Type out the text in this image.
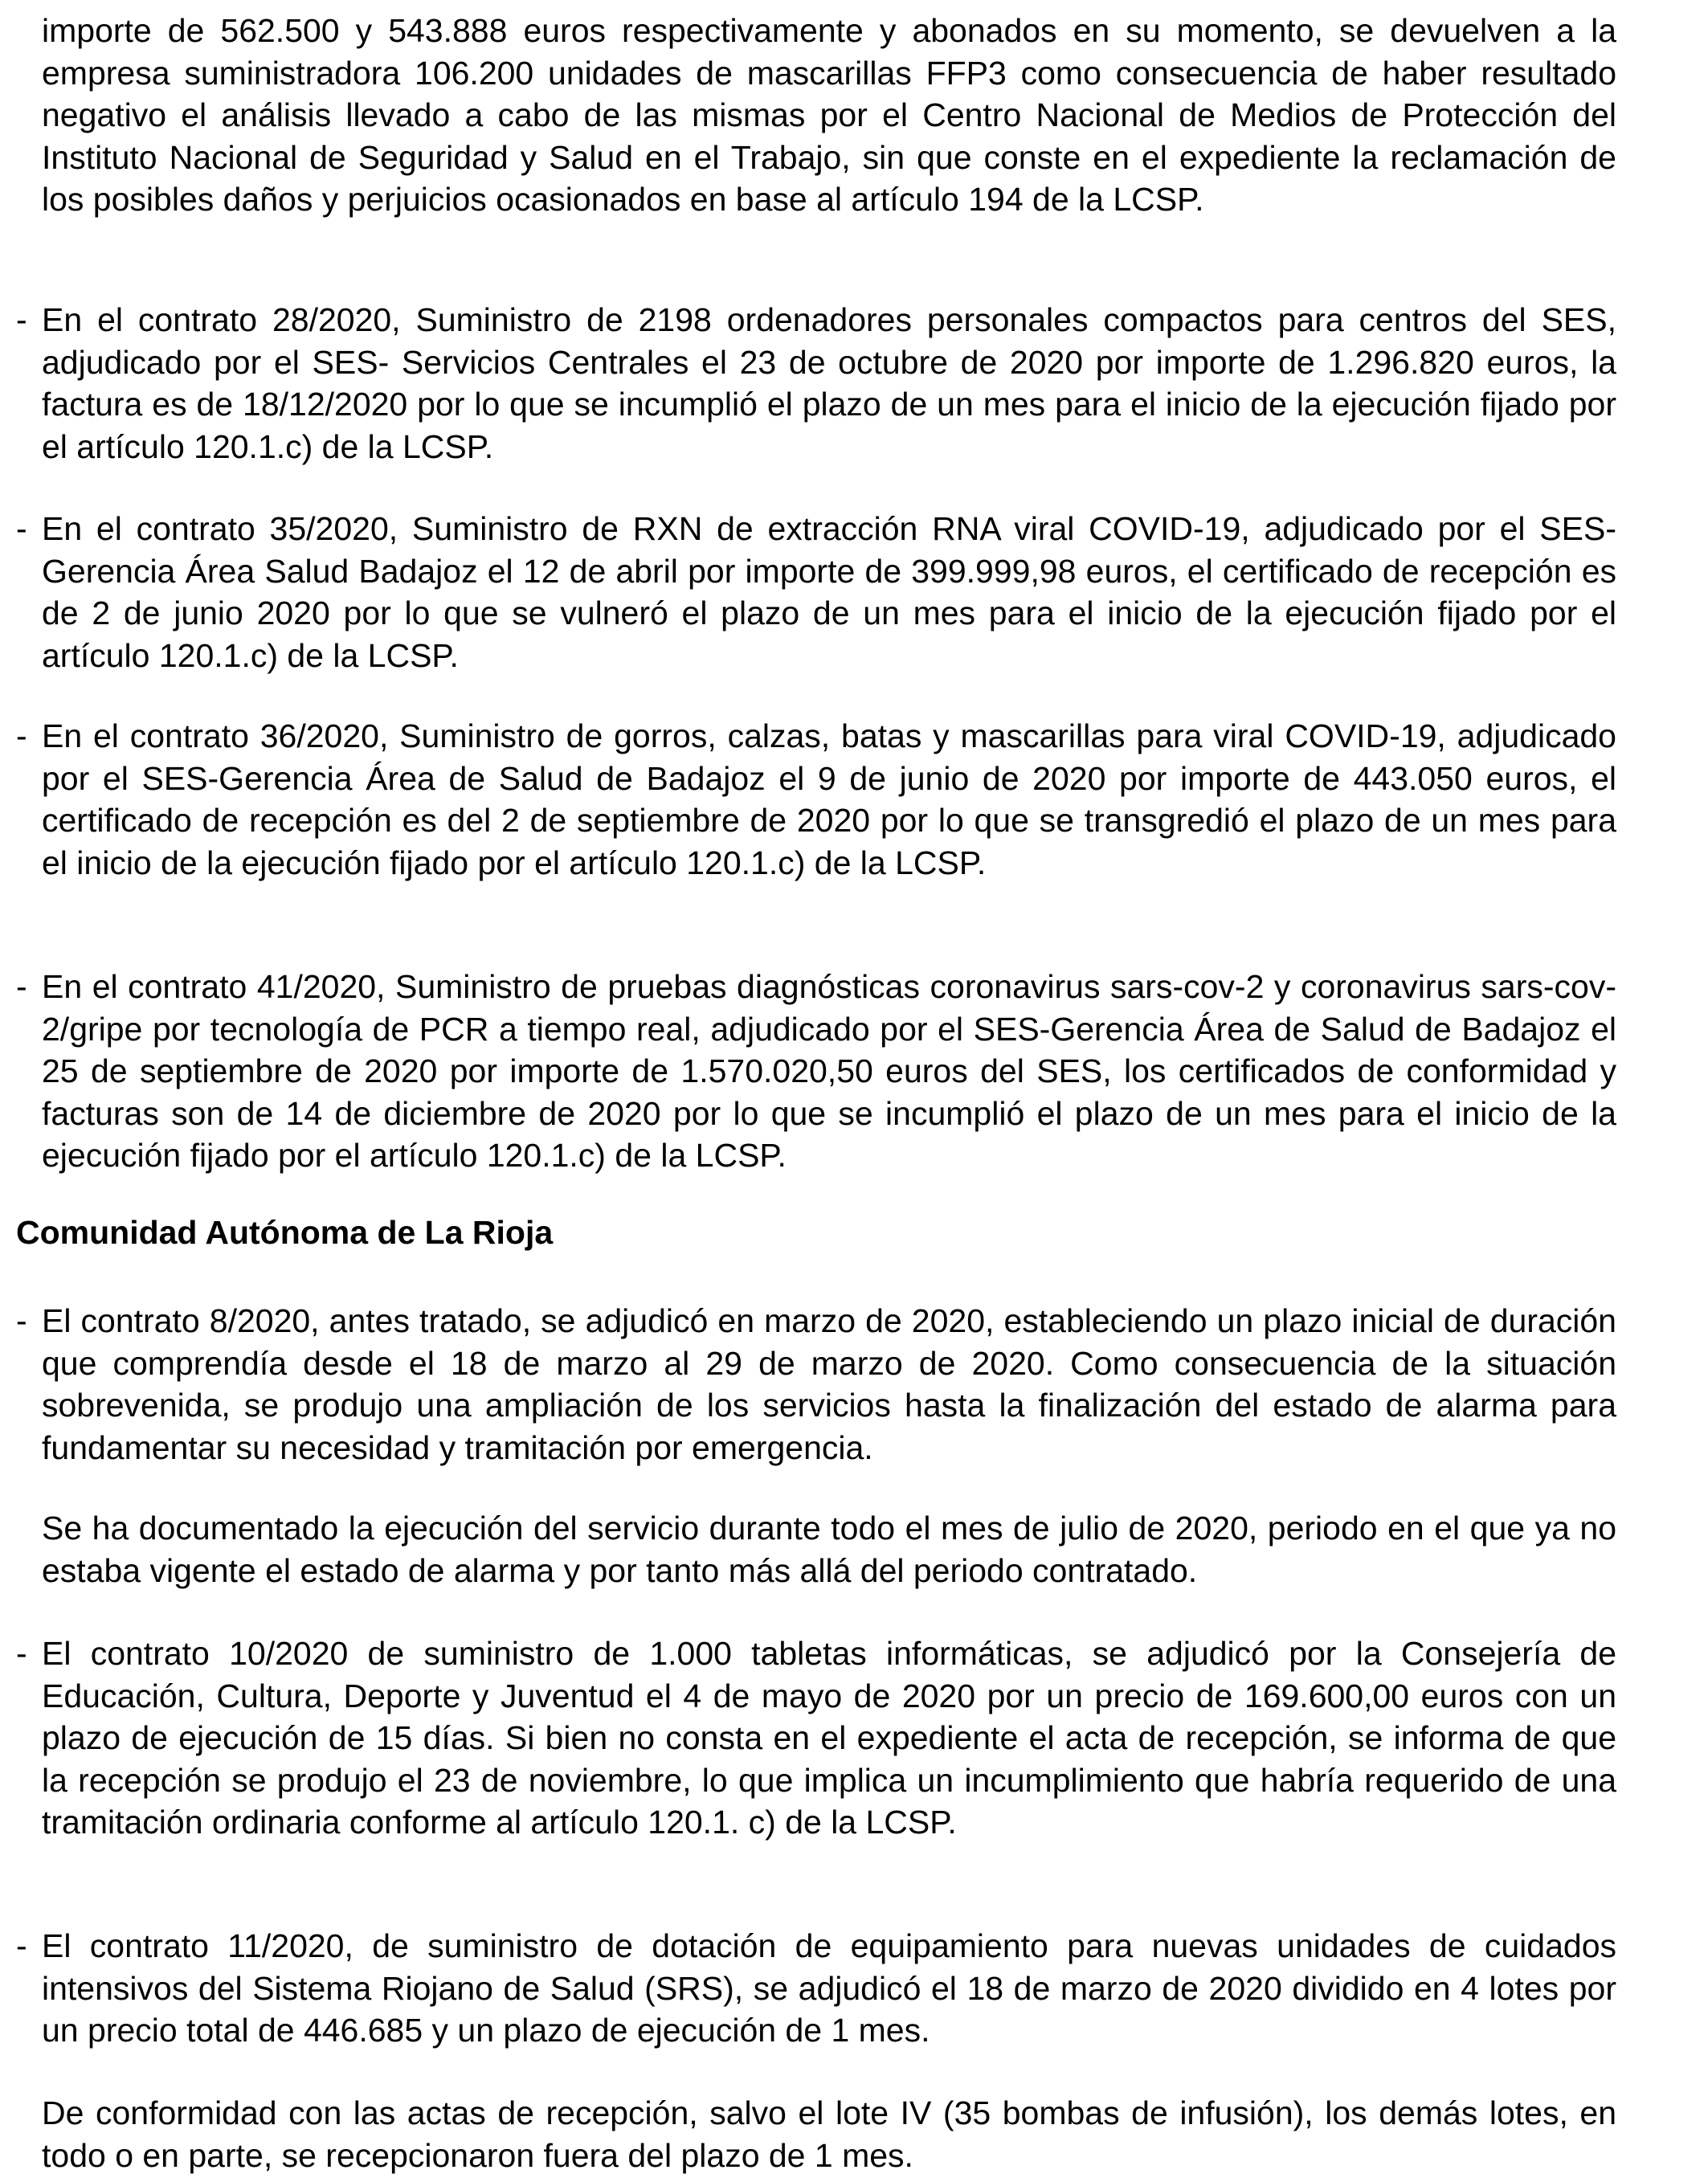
importe de 562.500 y 543.888 euros respectivamente y abonados en su momento, se devuelven a la empresa suministradora 106.200 unidades de mascarillas FFP3 como consecuencia de haber resultado negativo el análisis llevado a cabo de las mismas por el Centro Nacional de Medios de Protección del Instituto Nacional de Seguridad y Salud en el Trabajo, sin que conste en el expediente la reclamación de los posibles daños y perjuicios ocasionados en base al artículo 194 de la LCSP.

- En el contrato 28/2020, Suministro de 2198 ordenadores personales compactos para centros del SES, adjudicado por el SES- Servicios Centrales el 23 de octubre de 2020 por importe de 1.296.820 euros, la factura es de 18/12/2020 por lo que se incumplió el plazo de un mes para el inicio de la ejecución fijado por el artículo 120.1.c) de la LCSP.
- En el contrato 35/2020, Suministro de RXN de extracción RNA viral COVID-19, adjudicado por el SES-Gerencia Área Salud Badajoz el 12 de abril por importe de 399.999,98 euros, el certificado de recepción es de 2 de junio 2020 por lo que se vulneró el plazo de un mes para el inicio de la ejecución fijado por el artículo 120.1.c) de la LCSP.
- En el contrato 36/2020, Suministro de gorros, calzas, batas y mascarillas para viral COVID-19, adjudicado por el SES-Gerencia Área de Salud de Badajoz el 9 de junio de 2020 por importe de 443.050 euros, el certificado de recepción es del 2 de septiembre de 2020 por lo que se transgredió el plazo de un mes para el inicio de la ejecución fijado por el artículo 120.1.c) de la LCSP.
- En el contrato 41/2020, Suministro de pruebas diagnósticas coronavirus sars-cov-2 y coronavirus sars-cov-2/gripe por tecnología de PCR a tiempo real, adjudicado por el SES-Gerencia Área de Salud de Badajoz el 25 de septiembre de 2020 por importe de 1.570.020,50 euros del SES, los certificados de conformidad y facturas son de 14 de diciembre de 2020 por lo que se incumplió el plazo de un mes para el inicio de la ejecución fijado por el artículo 120.1.c) de la LCSP.

Comunidad Autónoma de La Rioja

- El contrato 8/2020, antes tratado, se adjudicó en marzo de 2020, estableciendo un plazo inicial de duración que comprendía desde el 18 de marzo al 29 de marzo de 2020. Como consecuencia de la situación sobrevenida, se produjo una ampliación de los servicios hasta la finalización del estado de alarma para fundamentar su necesidad y tramitación por emergencia.

Se ha documentado la ejecución del servicio durante todo el mes de julio de 2020, periodo en el que ya no estaba vigente el estado de alarma y por tanto más allá del periodo contratado.

- El contrato 10/2020 de suministro de 1.000 tabletas informáticas, se adjudicó por la Consejería de Educación, Cultura, Deporte y Juventud el 4 de mayo de 2020 por un precio de 169.600,00 euros con un plazo de ejecución de 15 días. Si bien no consta en el expediente el acta de recepción, se informa de que la recepción se produjo el 23 de noviembre, lo que implica un incumplimiento que habría requerido de una tramitación ordinaria conforme al artículo 120.1. c) de la LCSP.
- El contrato 11/2020, de suministro de dotación de equipamiento para nuevas unidades de cuidados intensivos del Sistema Riojano de Salud (SRS), se adjudicó el 18 de marzo de 2020 dividido en 4 lotes por un precio total de 446.685 y un plazo de ejecución de 1 mes.

De conformidad con las actas de recepción, salvo el lote IV (35 bombas de infusión), los demás lotes, en todo o en parte, se recepcionaron fuera del plazo de 1 mes.
